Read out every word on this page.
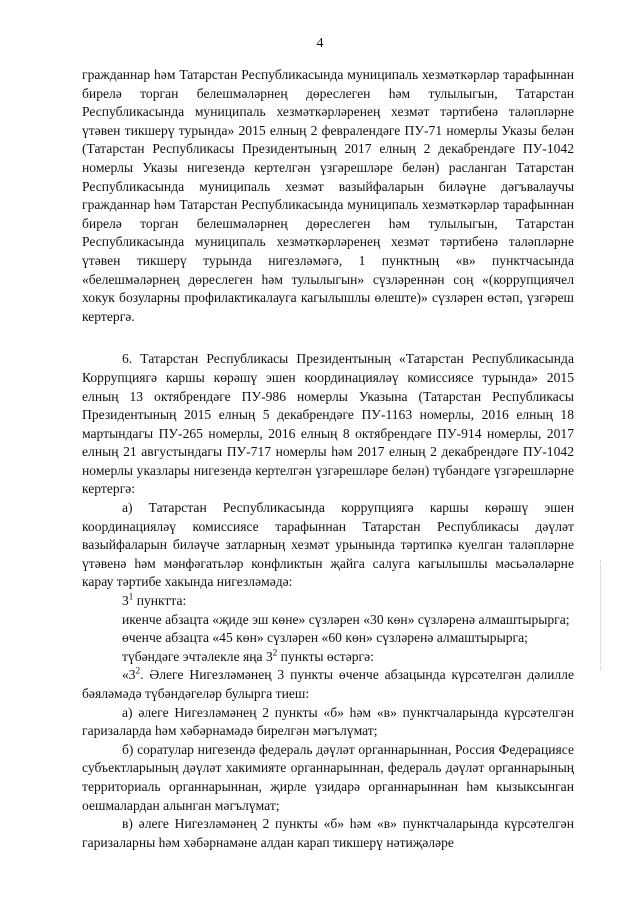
4

гражданнар һәм Татарстан Республикасында муниципаль хезмәткәрләр тарафыннан бирелә торган белешмәләрнең дөреслеген һәм тулылыгын, Татарстан Республикасында муниципаль хезмәткәрләренең хезмәт тәртибенә таләпләрне үтәвен тикшерү турында» 2015 елның 2 февралендәге ПУ-71 номерлы Указы белән (Татарстан Республикасы Президентының 2017 елның 2 декабрендәге ПУ-1042 номерлы Указы нигезендә кертелгән үзгәрешләре белән) расланган Татарстан Республикасында муниципаль хезмәт вазыйфаларын биләүне дәгъвалаучы гражданнар һәм Татарстан Республикасында муниципаль хезмәткәрләр тарафыннан бирелә торган белешмәләрнең дөреслеген һәм тулылыгын, Татарстан Республикасында муниципаль хезмәткәрләренең хезмәт тәртибенә таләпләрне үтәвен тикшерү турында нигезләмәгә, 1 пунктның «в» пунктчасында «белешмәләрнең дөреслеген һәм тулылыгын» сүзләреннән соң «(коррупциячел хокук бозуларны профилактикалауга кагылышлы өлеште)» сүзләрен өстәп, үзгәреш кертергә.

6. Татарстан Республикасы Президентының «Татарстан Республикасында Коррупциягә каршы көрәшү эшен координацияләү комиссиясе турында» 2015 елның 13 октябрендәге ПУ-986 номерлы Указына (Татарстан Республикасы Президентының 2015 елның 5 декабрендәге ПУ-1163 номерлы, 2016 елның 18 мартындагы ПУ-265 номерлы, 2016 елның 8 октябрендәге ПУ-914 номерлы, 2017 елның 21 августындагы ПУ-717 номерлы һәм 2017 елның 2 декабрендәге ПУ-1042 номерлы указлары нигезендә кертелгән үзгәрешләре белән) түбәндәге үзгәрешләрне кертергә:

а) Татарстан Республикасында коррупциягә каршы көрәшү эшен координацияләү комиссиясе тарафыннан Татарстан Республикасы дәүләт вазыйфаларын биләүче затларның хезмәт урынында тәртипкә куелган таләпләрне үтәвенә һәм мәнфәгатьләр конфликтын җайга салуга кагылышлы мәсьәләләрне карау тәртибе хакында нигезләмәдә:

$3^1$ пунктта:

икенче абзацта «җиде эш көне» сүзләрен «30 көн» сүзләренә алмаштырырга;

өченче абзацта «45 көн» сүзләрен «60 көн» сүзләренә алмаштырырга;

түбәндәге эчтәлекле яңа $3^2$ пункты өстәргә:

«$3^2$. Әлеге Нигезләмәнең 3 пункты өченче абзацында күрсәтелгән дәлилле бәяләмәдә түбәндәгеләр булырга тиеш:

а) әлеге Нигезләмәнең 2 пункты «б» һәм «в» пунктчаларында күрсәтелгән гаризаларда һәм хәбәрнамәдә бирелгән мәгълүмат;

б) соратулар нигезендә федераль дәүләт органнарыннан, Россия Федерациясе субъектларының дәүләт хакимияте органнарыннан, федераль дәүләт органнарының территориаль органнарыннан, җирле үзидарә органнарыннан һәм кызыксынган оешмалардан алынган мәгълүмат;

в) әлеге Нигезләмәнең 2 пункты «б» һәм «в» пунктчаларында күрсәтелгән гаризаларны һәм хәбәрнамәне алдан карап тикшерү нәтиҗәләре
